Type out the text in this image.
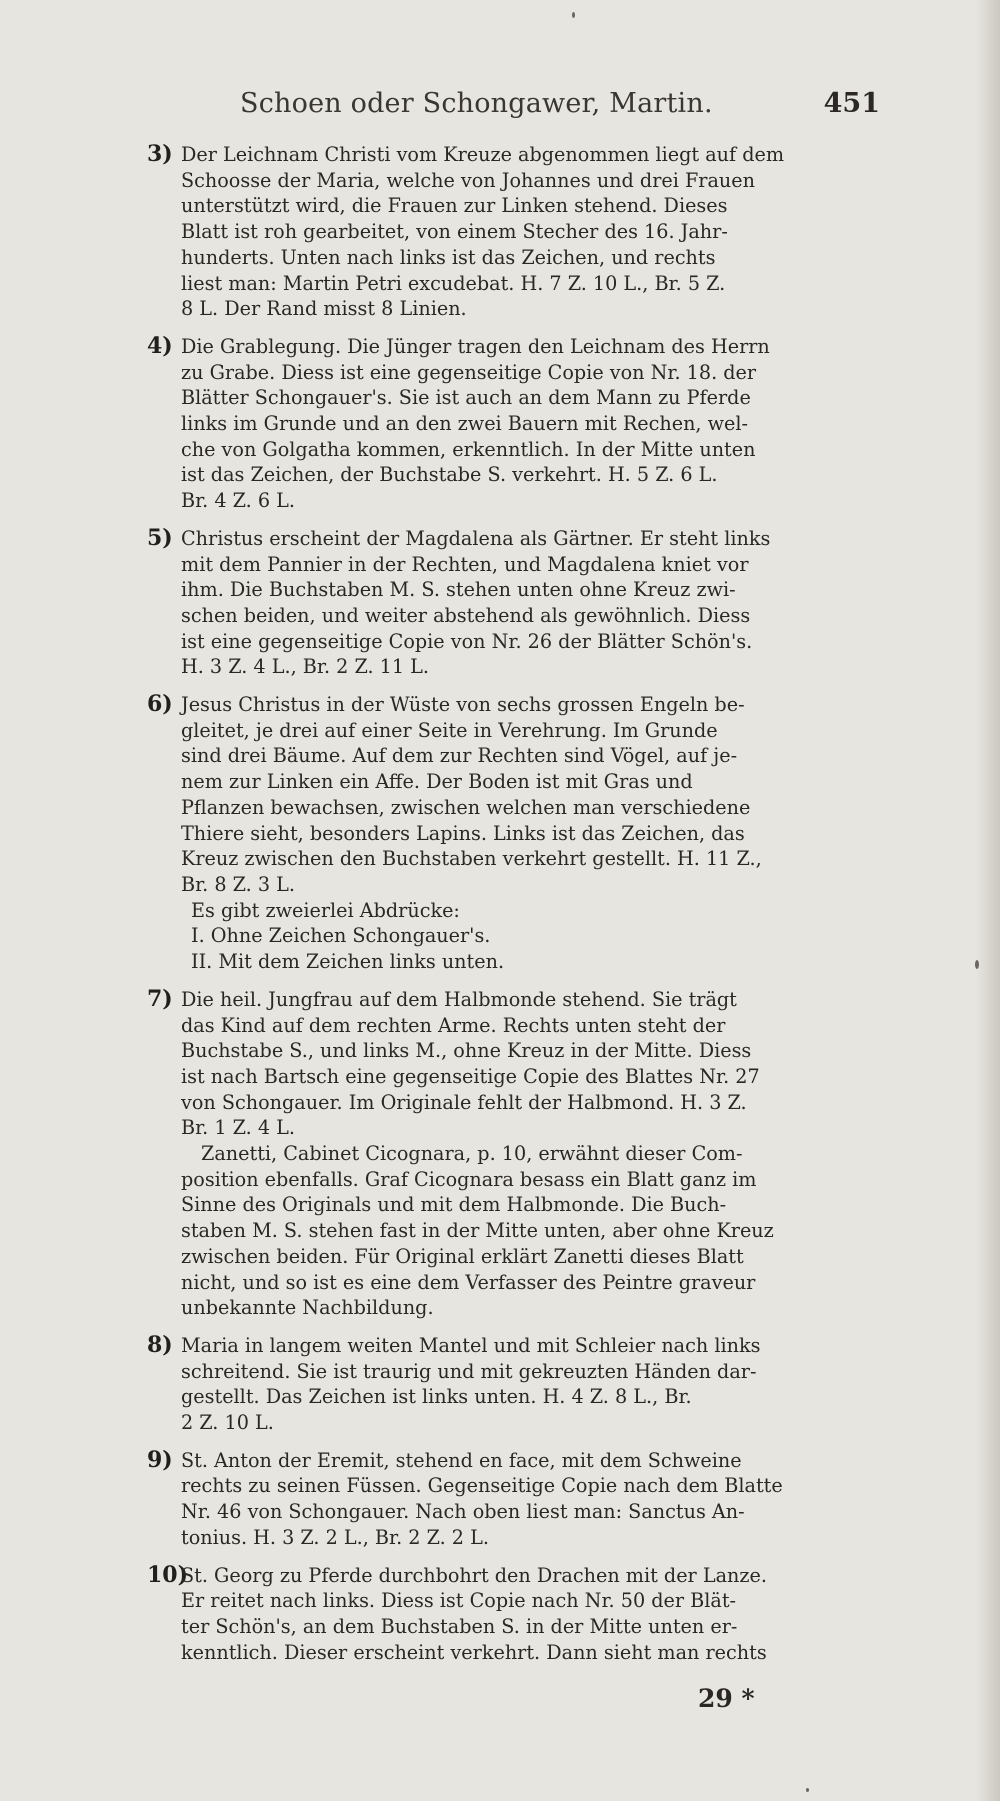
Schoen oder Schongawer, Martin.	451
3) Der Leichnam Christi vom Kreuze abgenommen liegt auf dem
Schoosse der Maria, welche von Johannes und drei Frauen
unterstützt wird, die Frauen zur Linken stehend. Dieses
Blatt ist roh gearbeitet, von einem Stecher des 16. Jahr-
hunderts. Unten nach links ist das Zeichen, und rechts
liest man: Martin Petri excudebat. H. 7 Z. 10 L., Br. 5 Z.
8 L. Der Rand misst 8 Linien.
4) Die Grablegung. Die Jünger tragen den Leichnam des Herrn
zu Grabe. Diess ist eine gegenseitige Copie von Nr. 18. der
Blätter Schongauer's. Sie ist auch an dem Mann zu Pferde
links im Grunde und an den zwei Bauern mit Rechen, wel-
che von Golgatha kommen, erkenntlich. In der Mitte unten
ist das Zeichen, der Buchstabe S. verkehrt. H. 5 Z. 6 L.
Br. 4 Z. 6 L.
5) Christus erscheint der Magdalena als Gärtner. Er steht links
mit dem Pannier in der Rechten, und Magdalena kniet vor
ihm. Die Buchstaben M. S. stehen unten ohne Kreuz zwi-
schen beiden, und weiter abstehend als gewöhnlich. Diess
ist eine gegenseitige Copie von Nr. 26 der Blätter Schön's.
H. 3 Z. 4 L., Br. 2 Z. 11 L.
6) Jesus Christus in der Wüste von sechs grossen Engeln be-
gleitet, je drei auf einer Seite in Verehrung. Im Grunde
sind drei Bäume. Auf dem zur Rechten sind Vögel, auf je-
nem zur Linken ein Affe. Der Boden ist mit Gras und
Pflanzen bewachsen, zwischen welchen man verschiedene
Thiere sieht, besonders Lapins. Links ist das Zeichen, das
Kreuz zwischen den Buchstaben verkehrt gestellt. H. 11 Z.,
Br. 8 Z. 3 L.
Es gibt zweierlei Abdrücke:
I. Ohne Zeichen Schongauer's.
II. Mit dem Zeichen links unten.
7) Die heil. Jungfrau auf dem Halbmonde stehend. Sie trägt
das Kind auf dem rechten Arme. Rechts unten steht der
Buchstabe S., und links M., ohne Kreuz in der Mitte. Diess
ist nach Bartsch eine gegenseitige Copie des Blattes Nr. 27
von Schongauer. Im Originale fehlt der Halbmond. H. 3 Z.
Br. 1 Z. 4 L.
Zanetti, Cabinet Cicognara, p. 10, erwähnt dieser Com-
position ebenfalls. Graf Cicognara besass ein Blatt ganz im
Sinne des Originals und mit dem Halbmonde. Die Buch-
staben M. S. stehen fast in der Mitte unten, aber ohne Kreuz
zwischen beiden. Für Original erklärt Zanetti dieses Blatt
nicht, und so ist es eine dem Verfasser des Peintre graveur
unbekannte Nachbildung.
8) Maria in langem weiten Mantel und mit Schleier nach links
schreitend. Sie ist traurig und mit gekreuzten Händen dar-
gestellt. Das Zeichen ist links unten. H. 4 Z. 8 L., Br.
2 Z. 10 L.
9) St. Anton der Eremit, stehend en face, mit dem Schweine
rechts zu seinen Füssen. Gegenseitige Copie nach dem Blatte
Nr. 46 von Schongauer. Nach oben liest man: Sanctus An-
tonius. H. 3 Z. 2 L., Br. 2 Z. 2 L.
10)St. Georg zu Pferde durchbohrt den Drachen mit der Lanze.
Er reitet nach links. Diess ist Copie nach Nr. 50 der Blät-
ter Schön's, an dem Buchstaben S. in der Mitte unten er-
kenntlich. Dieser erscheint verkehrt. Dann sieht man rechts
29 *
